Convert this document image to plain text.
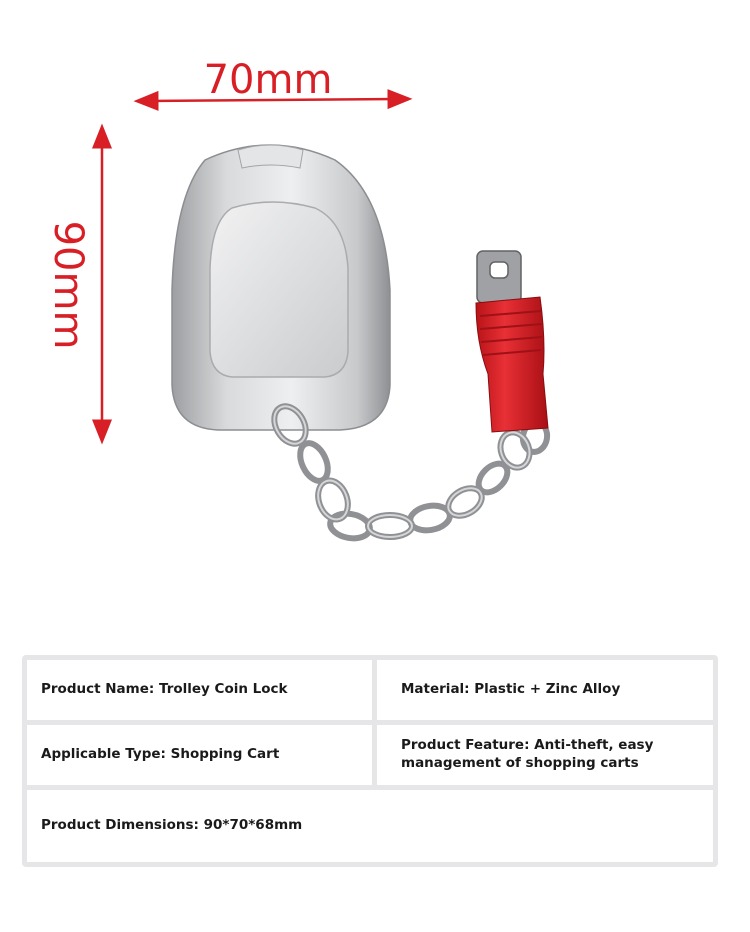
70mm
90mm
Product Name: Trolley Coin Lock	Material: Plastic + Zinc Alloy
Applicable Type: Shopping Cart
Product Feature: Anti-theft, easy management of shopping carts
Product Dimensions: 90*70*68mm
